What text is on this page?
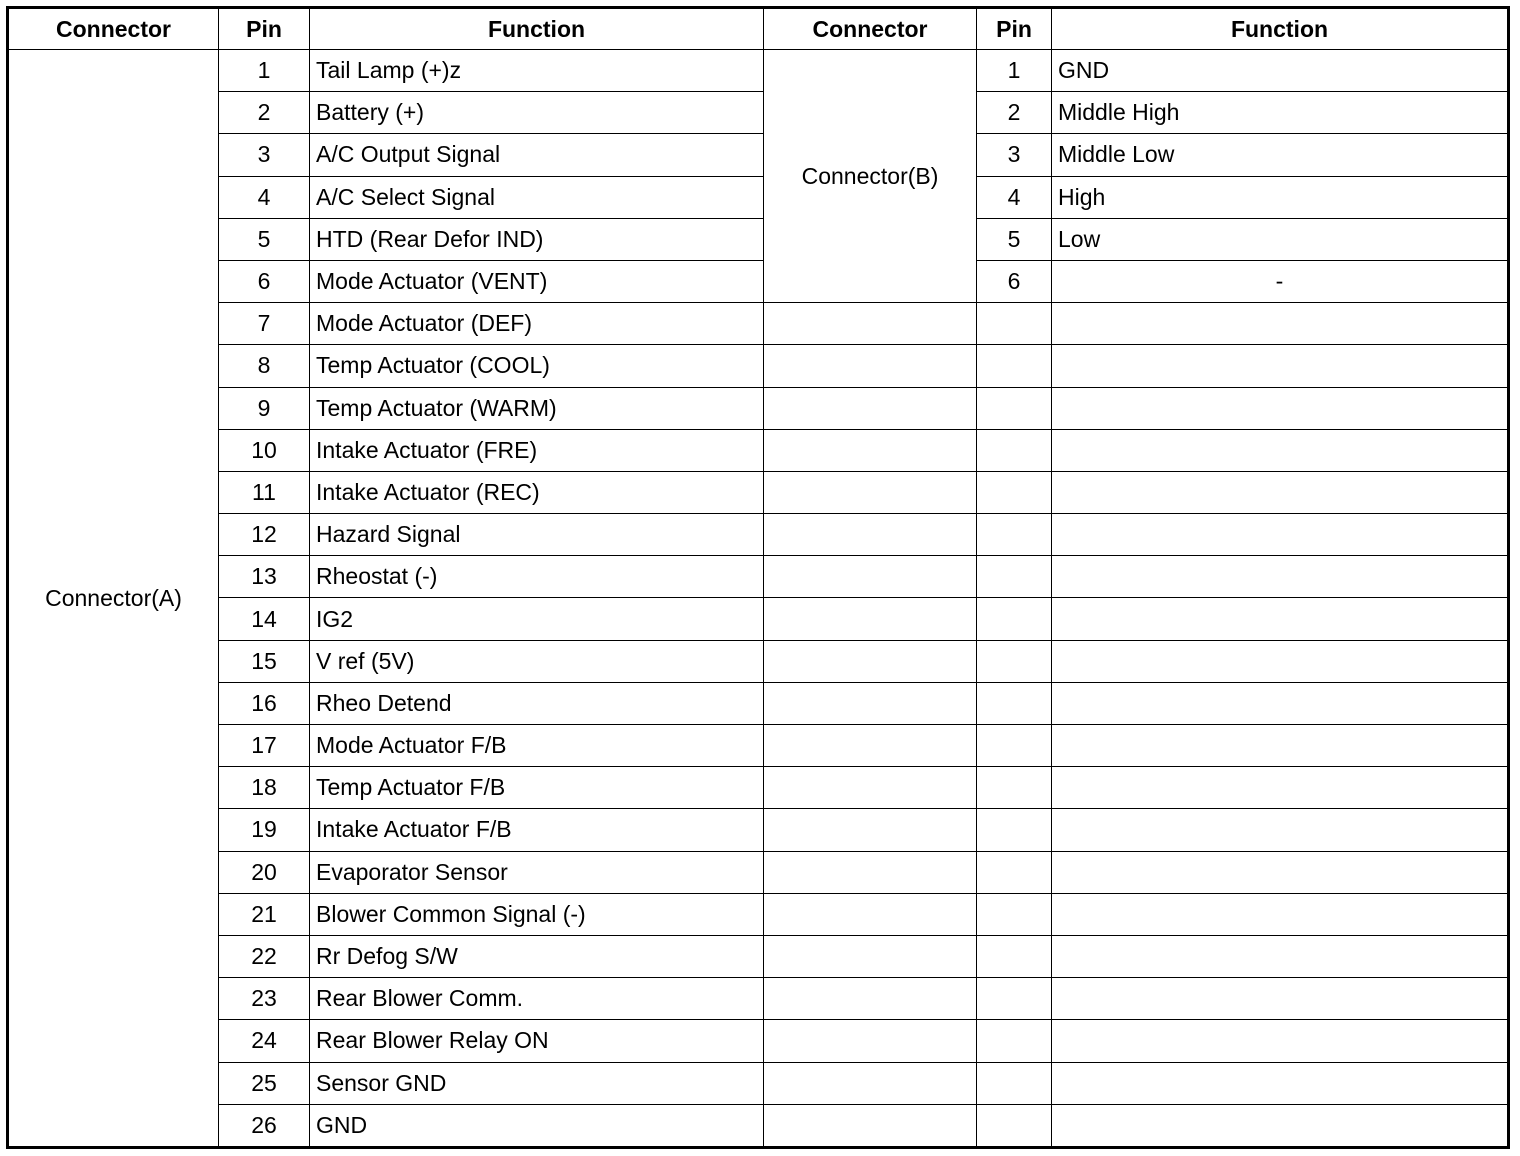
Connector	Pin	Function	Connector	Pin	Function
Connector(A)	1	Tail Lamp (+)z	Connector(B)	1	GND
	2	Battery (+)		2	Middle High
	3	A/C Output Signal		3	Middle Low
	4	A/C Select Signal		4	High
	5	HTD (Rear Defor IND)		5	Low
	6	Mode Actuator (VENT)		6	-
	7	Mode Actuator (DEF)			
	8	Temp Actuator (COOL)			
	9	Temp Actuator (WARM)			
	10	Intake Actuator (FRE)			
	11	Intake Actuator (REC)			
	12	Hazard Signal			
	13	Rheostat (-)			
	14	IG2			
	15	V ref (5V)			
	16	Rheo Detend			
	17	Mode Actuator F/B			
	18	Temp Actuator F/B			
	19	Intake Actuator F/B			
	20	Evaporator Sensor			
	21	Blower Common Signal (-)			
	22	Rr Defog S/W			
	23	Rear Blower Comm.			
	24	Rear Blower Relay ON			
	25	Sensor GND			
	26	GND			
